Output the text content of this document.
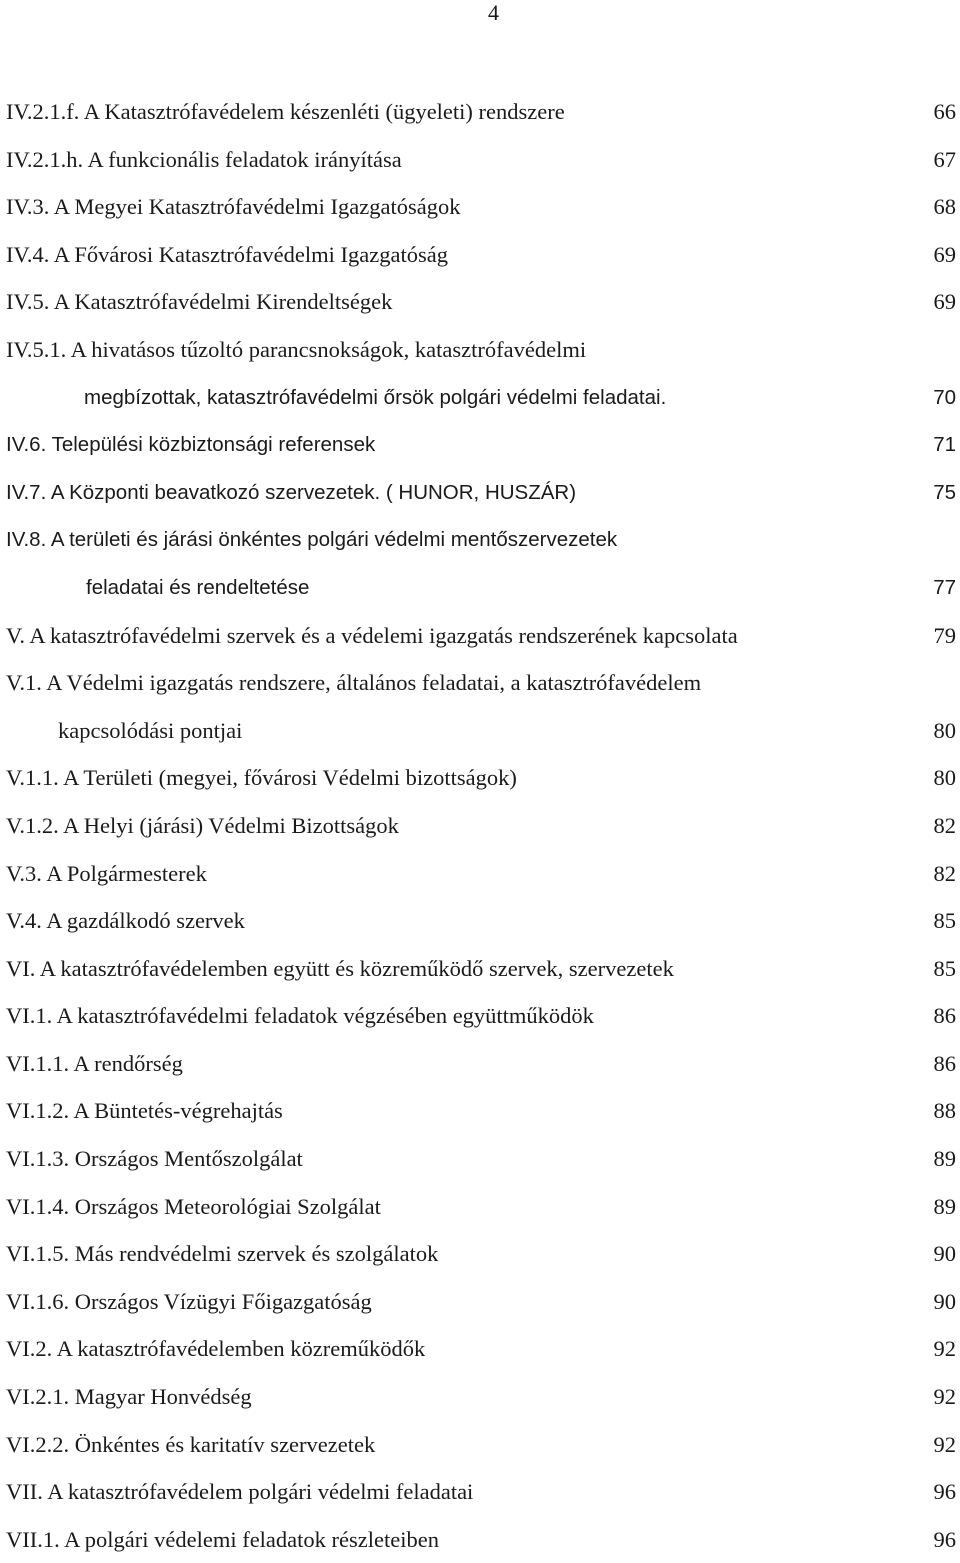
4
IV.2.1.f. A Katasztrófavédelem készenléti (ügyeleti) rendszere	66
IV.2.1.h. A funkcionális feladatok irányítása	67
IV.3. A Megyei Katasztrófavédelmi Igazgatóságok	68
IV.4. A Fővárosi Katasztrófavédelmi Igazgatóság	69
IV.5. A Katasztrófavédelmi Kirendeltségek	69
IV.5.1. A hivatásos tűzoltó parancsnokságok, katasztrófavédelmi
megbízottak, katasztrófavédelmi őrsök polgári védelmi feladatai.	70
IV.6. Települési közbiztonsági referensek	71
IV.7. A Központi beavatkozó szervezetek. ( HUNOR, HUSZÁR)	75
IV.8. A területi és járási önkéntes polgári védelmi mentőszervezetek
feladatai és rendeltetése	77
V. A katasztrófavédelmi szervek és a védelemi igazgatás rendszerének kapcsolata	79
V.1. A Védelmi igazgatás rendszere, általános feladatai, a katasztrófavédelem
kapcsolódási pontjai	80
V.1.1. A Területi (megyei, fővárosi Védelmi bizottságok)	80
V.1.2. A Helyi (járási) Védelmi Bizottságok	82
V.3. A Polgármesterek	82
V.4. A gazdálkodó szervek	85
VI. A katasztrófavédelemben együtt és közreműködő szervek, szervezetek	85
VI.1. A katasztrófavédelmi feladatok végzésében együttműködök	86
VI.1.1. A rendőrség	86
VI.1.2. A Büntetés-végrehajtás	88
VI.1.3. Országos Mentőszolgálat	89
VI.1.4. Országos Meteorológiai Szolgálat	89
VI.1.5. Más rendvédelmi szervek és szolgálatok	90
VI.1.6. Országos Vízügyi Főigazgatóság	90
VI.2. A katasztrófavédelemben közreműködők	92
VI.2.1. Magyar Honvédség	92
VI.2.2. Önkéntes és karitatív szervezetek	92
VII. A katasztrófavédelem polgári védelmi feladatai	96
VII.1. A polgári védelemi feladatok részleteiben	96
